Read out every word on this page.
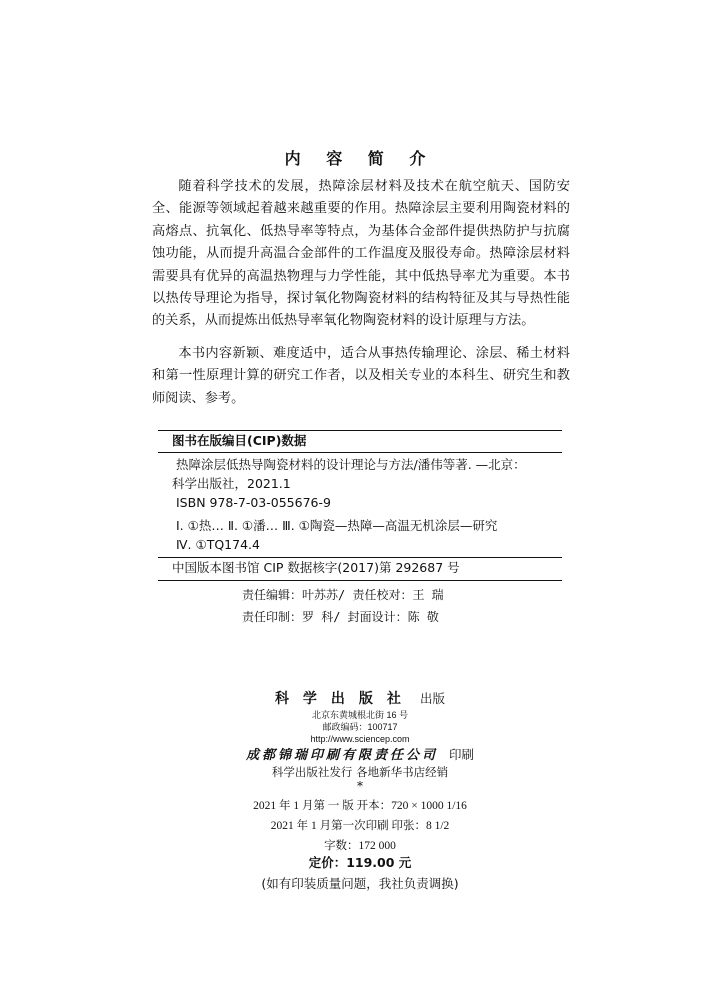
内 容 简 介

随着科学技术的发展，热障涂层材料及技术在航空航天、国防安全、能源等领域起着越来越重要的作用。热障涂层主要利用陶瓷材料的高熔点、抗氧化、低热导率等特点，为基体合金部件提供热防护与抗腐蚀功能，从而提升高温合金部件的工作温度及服役寿命。热障涂层材料需要具有优异的高温热物理与力学性能，其中低热导率尤为重要。本书以热传导理论为指导，探讨氧化物陶瓷材料的结构特征及其与导热性能的关系，从而提炼出低热导率氧化物陶瓷材料的设计原理与方法。

本书内容新颖、难度适中，适合从事热传输理论、涂层、稀土材料和第一性原理计算的研究工作者，以及相关专业的本科生、研究生和教师阅读、参考。

图书在版编目(CIP)数据
热障涂层低热导陶瓷材料的设计理论与方法/潘伟等著. —北京：
科学出版社，2021.1
ISBN 978-7-03-055676-9
Ⅰ. ①热… Ⅱ. ①潘… Ⅲ. ①陶瓷—热障—高温无机涂层—研究
Ⅳ. ①TQ174.4
中国版本图书馆 CIP 数据核字(2017)第 292687 号
责任编辑：叶苏苏/ 责任校对：王 瑞
责任印制：罗 科/ 封面设计：陈 敬
科学出版社 出版
北京东黄城根北街 16 号
邮政编码：100717
http://www.sciencep.com
成都锦瑞印刷有限责任公司 印刷
科学出版社发行 各地新华书店经销
*
2021 年 1 月第 一 版 开本：720 × 1000 1/16
2021 年 1 月第一次印刷 印张：8 1/2
字数：172 000
定价：119.00 元
(如有印装质量问题，我社负责调换)
